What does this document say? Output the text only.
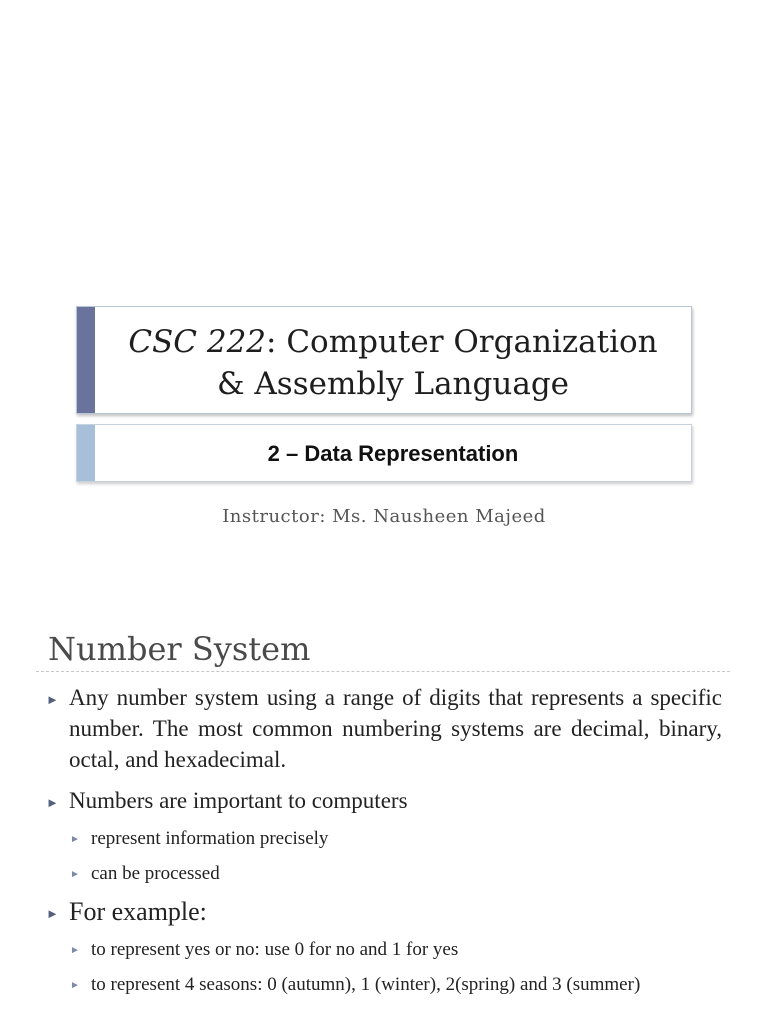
CSC 222: Computer Organization
& Assembly Language
2 – Data Representation
Instructor: Ms. Nausheen Majeed
Number System
► Any number system using a range of digits that represents a specific number. The most common numbering systems are decimal, binary, octal, and hexadecimal.
► Numbers are important to computers
► represent information precisely
► can be processed
► For example:
► to represent yes or no: use 0 for no and 1 for yes
► to represent 4 seasons: 0 (autumn), 1 (winter), 2(spring) and 3 (summer)
